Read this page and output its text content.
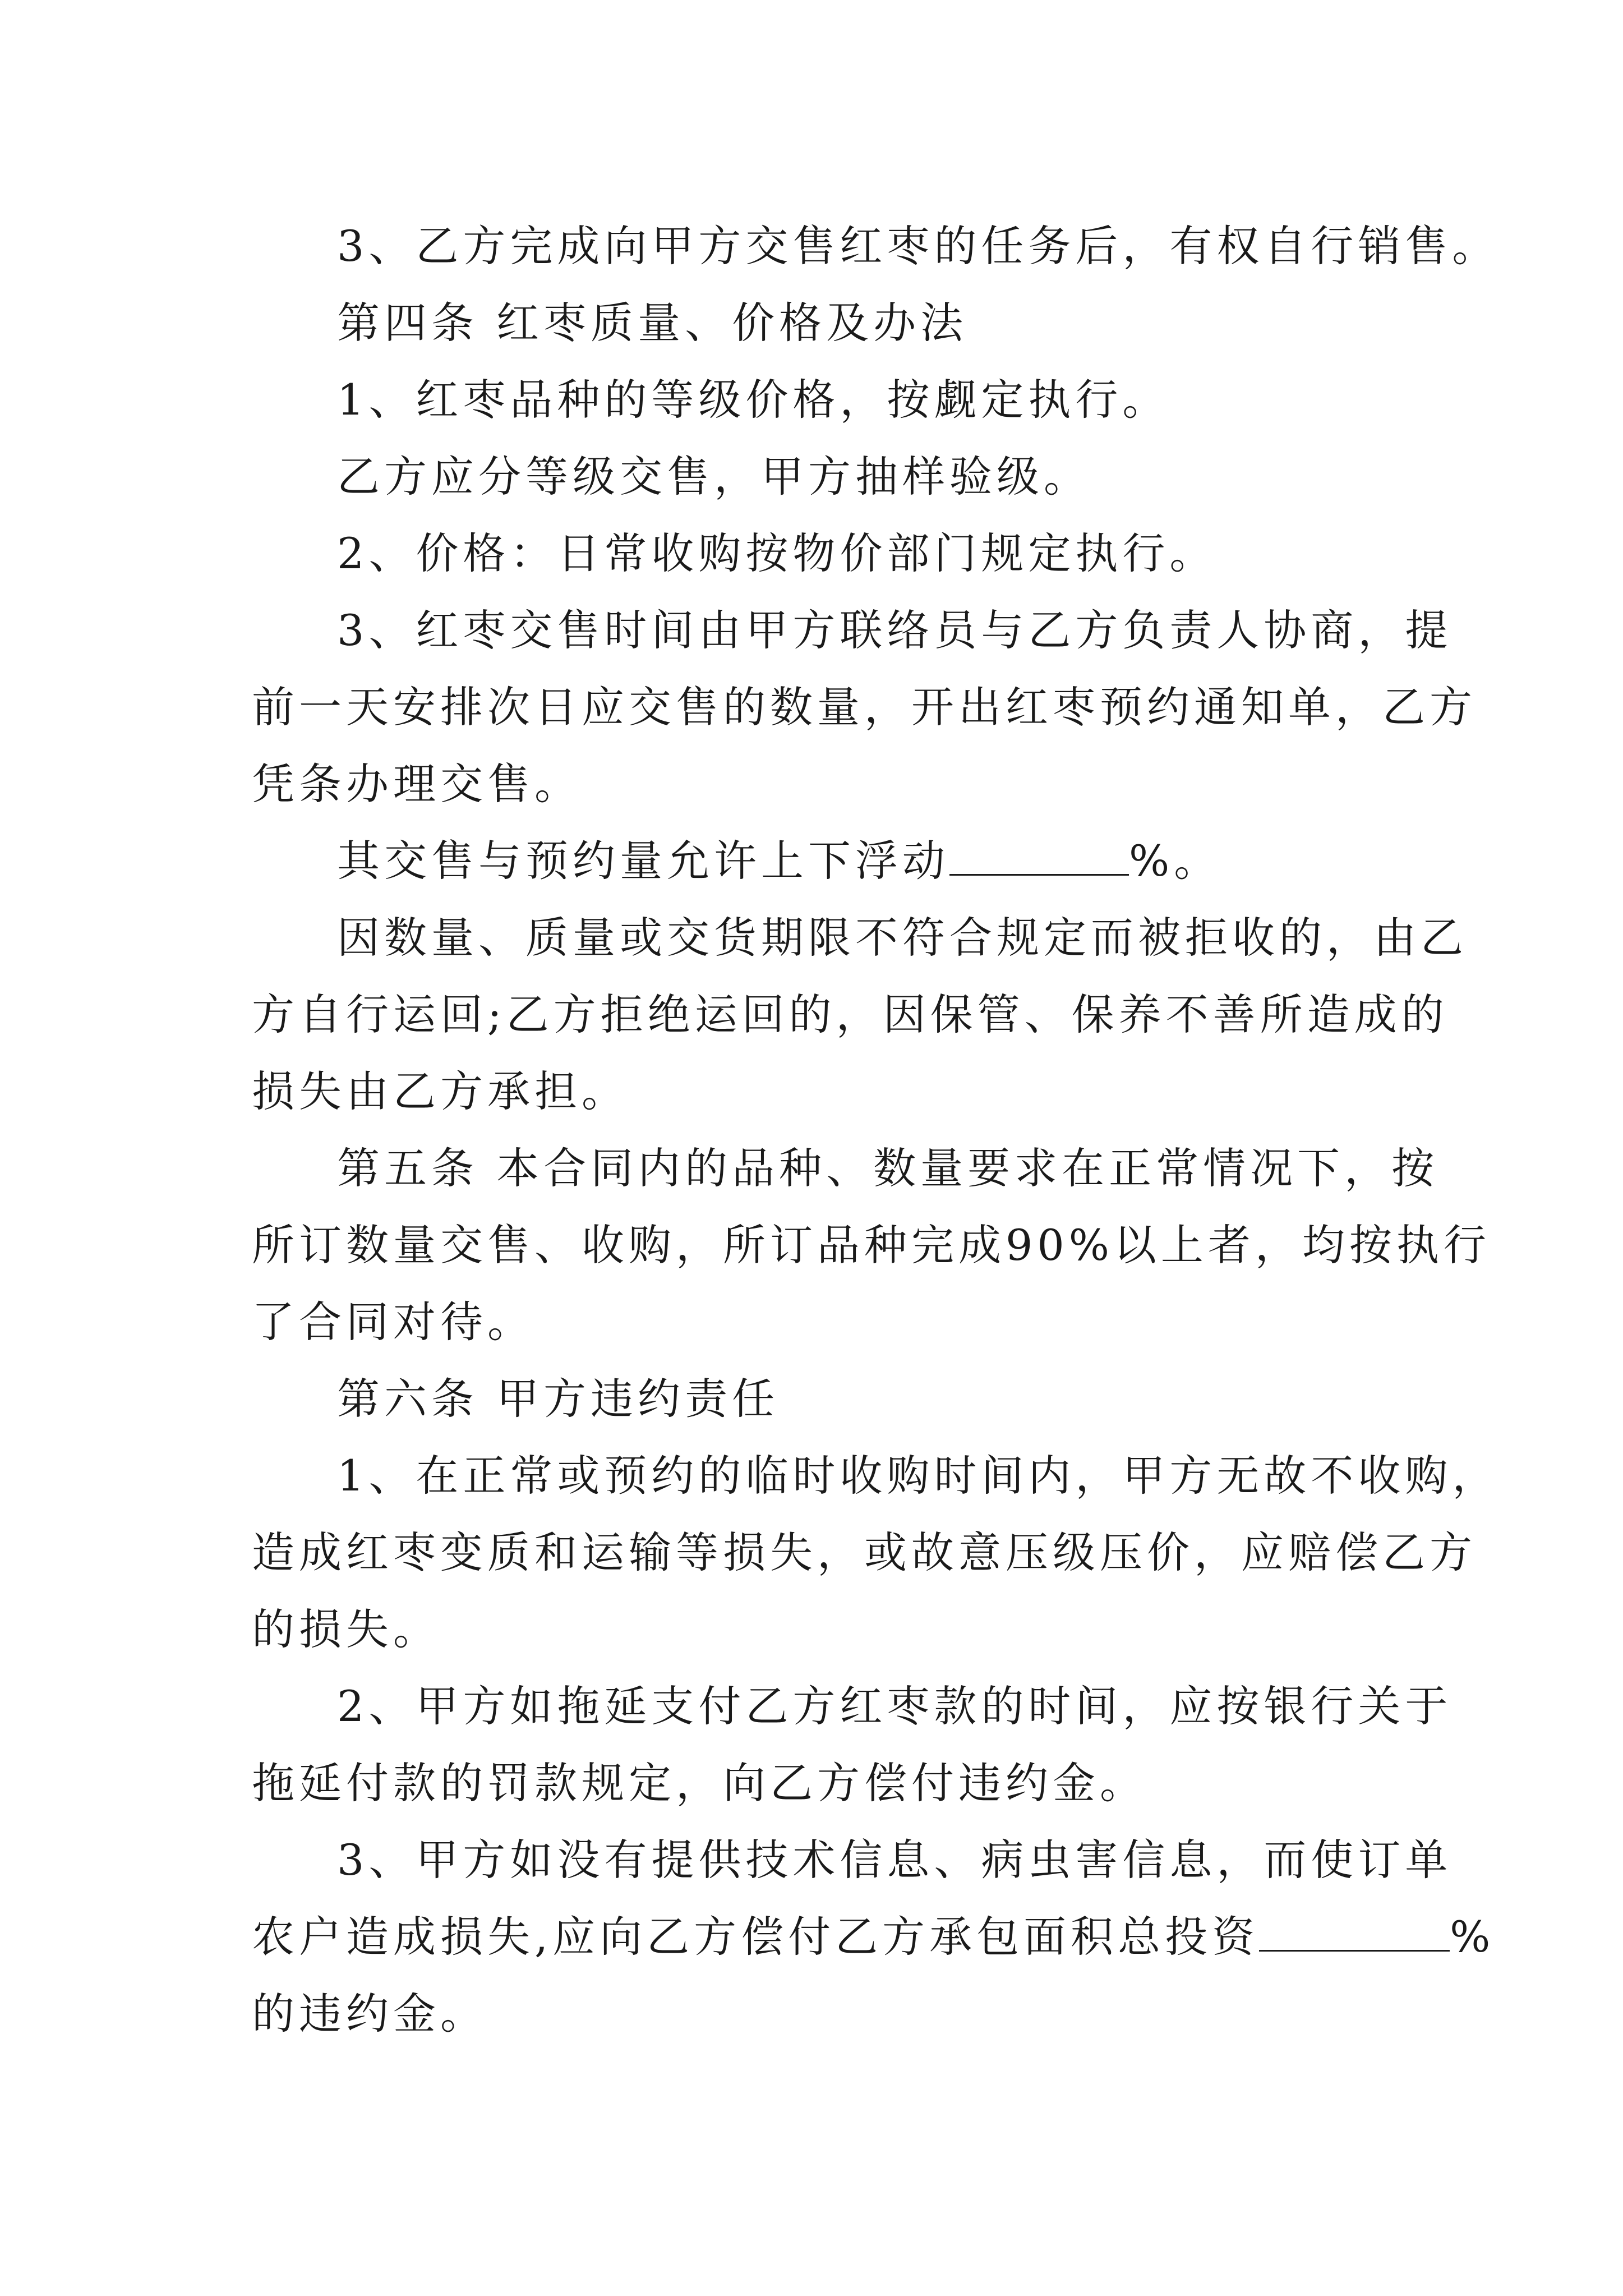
3、乙方完成向甲方交售红枣的任务后，有权自行销售。

第四条 红枣质量、价格及办法

1、红枣品种的等级价格，按觑定执行。

乙方应分等级交售，甲方抽样验级。

2、价格：日常收购按物价部门规定执行。

3、红枣交售时间由甲方联络员与乙方负责人协商，提
前一天安排次日应交售的数量，开出红枣预约通知单，乙方
凭条办理交售。

其交售与预约量允许上下浮动	%。

因数量、质量或交货期限不符合规定而被拒收的，由乙
方自行运回;乙方拒绝运回的，因保管、保养不善所造成的
损失由乙方承担。

第五条 本合同内的品种、数量要求在正常情况下，按
所订数量交售、收购，所订品种完成90%以上者，均按执行
了合同对待。

第六条 甲方违约责任

1、在正常或预约的临时收购时间内，甲方无故不收购，
造成红枣变质和运输等损失，或故意压级压价，应赔偿乙方
的损失。

2、甲方如拖延支付乙方红枣款的时间，应按银行关于
拖延付款的罚款规定，向乙方偿付违约金。

3、甲方如没有提供技术信息、病虫害信息，而使订单
农户造成损失,应向乙方偿付乙方承包面积总投资	%
的违约金。
